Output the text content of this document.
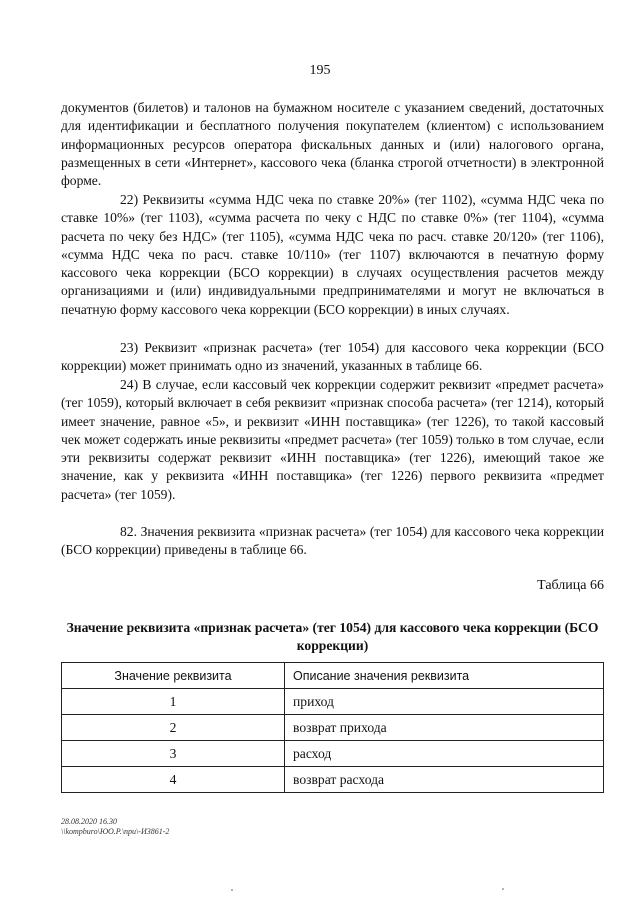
195

документов (билетов) и талонов на бумажном носителе с указанием сведений, достаточных для идентификации и бесплатного получения покупателем (клиентом) с использованием информационных ресурсов оператора фискальных данных и (или) налогового органа, размещенных в сети «Интернет», кассового чека (бланка строгой отчетности) в электронной форме.

22) Реквизиты «сумма НДС чека по ставке 20%» (тег 1102), «сумма НДС чека по ставке 10%» (тег 1103), «сумма расчета по чеку с НДС по ставке 0%» (тег 1104), «сумма расчета по чеку без НДС» (тег 1105), «сумма НДС чека по расч. ставке 20/120» (тег 1106), «сумма НДС чека по расч. ставке 10/110» (тег 1107) включаются в печатную форму кассового чека коррекции (БСО коррекции) в случаях осуществления расчетов между организациями и (или) индивидуальными предпринимателями и могут не включаться в печатную форму кассового чека коррекции (БСО коррекции) в иных случаях.

23) Реквизит «признак расчета» (тег 1054) для кассового чека коррекции (БСО коррекции) может принимать одно из значений, указанных в таблице 66.

24) В случае, если кассовый чек коррекции содержит реквизит «предмет расчета» (тег 1059), который включает в себя реквизит «признак способа расчета» (тег 1214), который имеет значение, равное «5», и реквизит «ИНН поставщика» (тег 1226), то такой кассовый чек может содержать иные реквизиты «предмет расчета» (тег 1059) только в том случае, если эти реквизиты содержат реквизит «ИНН поставщика» (тег 1226), имеющий такое же значение, как у реквизита «ИНН поставщика» (тег 1226) первого реквизита «предмет расчета» (тег 1059).

82. Значения реквизита «признак расчета» (тег 1054) для кассового чека коррекции (БСО коррекции) приведены в таблице 66.

Таблица 66
Значение реквизита «признак расчета» (тег 1054) для кассового чека коррекции (БСО коррекции)
Значение реквизита	Описание значения реквизита
1	приход
2	возврат прихода
3	расход
4	возврат расхода
28.08.2020 16.30
\\kompburo\ЮО.Р.\при\-И3861-2
